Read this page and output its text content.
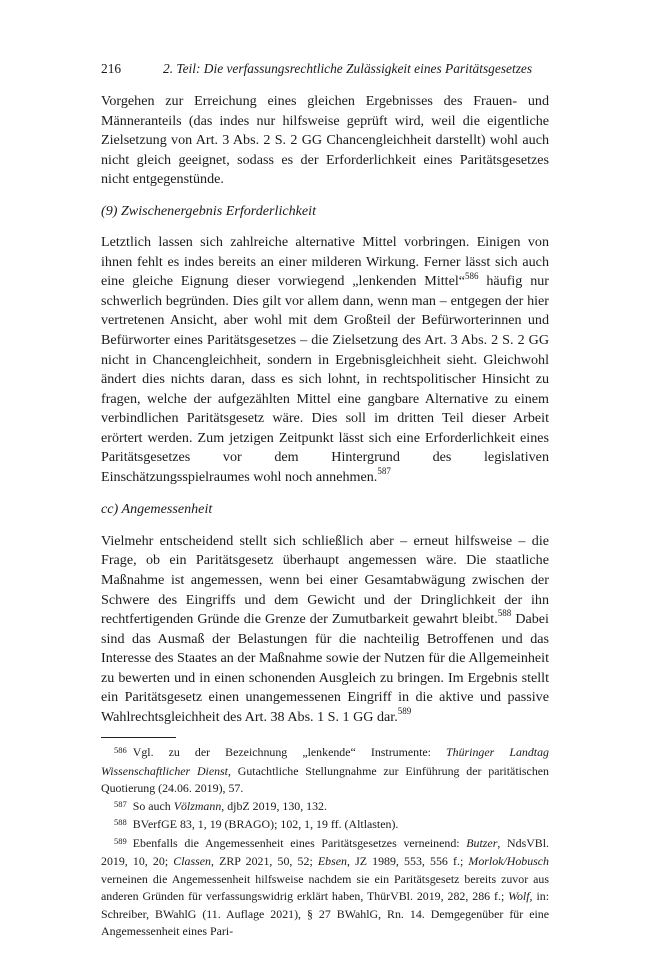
216	2. Teil: Die verfassungsrechtliche Zulässigkeit eines Paritätsgesetzes

Vorgehen zur Erreichung eines gleichen Ergebnisses des Frauen- und Männeranteils (das indes nur hilfsweise geprüft wird, weil die eigentliche Zielsetzung von Art. 3 Abs. 2 S. 2 GG Chancengleichheit darstellt) wohl auch nicht gleich geeignet, sodass es der Erforderlichkeit eines Paritätsgesetzes nicht entgegenstünde.

(9) Zwischenergebnis Erforderlichkeit

Letztlich lassen sich zahlreiche alternative Mittel vorbringen. Einigen von ihnen fehlt es indes bereits an einer milderen Wirkung. Ferner lässt sich auch eine gleiche Eignung dieser vorwiegend „lenkenden Mittel“$^{586}$ häufig nur schwerlich begründen. Dies gilt vor allem dann, wenn man – entgegen der hier vertretenen Ansicht, aber wohl mit dem Großteil der Befürworterinnen und Befürworter eines Paritätsgesetzes – die Zielsetzung des Art. 3 Abs. 2 S. 2 GG nicht in Chancengleichheit, sondern in Ergebnisgleichheit sieht. Gleichwohl ändert dies nichts daran, dass es sich lohnt, in rechtspolitischer Hinsicht zu fragen, welche der aufgezählten Mittel eine gangbare Alternative zu einem verbindlichen Paritätsgesetz wäre. Dies soll im dritten Teil dieser Arbeit erörtert werden. Zum jetzigen Zeitpunkt lässt sich eine Erforderlichkeit eines Paritätsgesetzes vor dem Hintergrund des legislativen Einschätzungsspielraumes wohl noch annehmen.$^{587}$

cc) Angemessenheit

Vielmehr entscheidend stellt sich schließlich aber – erneut hilfsweise – die Frage, ob ein Paritätsgesetz überhaupt angemessen wäre. Die staatliche Maßnahme ist angemessen, wenn bei einer Gesamtabwägung zwischen der Schwere des Eingriffs und dem Gewicht und der Dringlichkeit der ihn rechtfertigenden Gründe die Grenze der Zumutbarkeit gewahrt bleibt.$^{588}$ Dabei sind das Ausmaß der Belastungen für die nachteilig Betroffenen und das Interesse des Staates an der Maßnahme sowie der Nutzen für die Allgemeinheit zu bewerten und in einen schonenden Ausgleich zu bringen. Im Ergebnis stellt ein Paritätsgesetz einen unangemessenen Eingriff in die aktive und passive Wahlrechtsgleichheit des Art. 38 Abs. 1 S. 1 GG dar.$^{589}$

586 Vgl. zu der Bezeichnung „lenkende“ Instrumente: Thüringer Landtag Wissenschaftlicher Dienst, Gutachtliche Stellungnahme zur Einführung der paritätischen Quotierung (24.06. 2019), 57.

587 So auch Völzmann, djbZ 2019, 130, 132.

588 BVerfGE 83, 1, 19 (BRAGO); 102, 1, 19 ff. (Altlasten).

589 Ebenfalls die Angemessenheit eines Paritätsgesetzes verneinend: Butzer, NdsVBl. 2019, 10, 20; Classen, ZRP 2021, 50, 52; Ebsen, JZ 1989, 553, 556 f.; Morlok/Hobusch verneinen die Angemessenheit hilfsweise nachdem sie ein Paritätsgesetz bereits zuvor aus anderen Gründen für verfassungswidrig erklärt haben, ThürVBl. 2019, 282, 286 f.; Wolf, in: Schreiber, BWahlG (11. Auflage 2021), § 27 BWahlG, Rn. 14. Demgegenüber für eine Angemessenheit eines Pari-
